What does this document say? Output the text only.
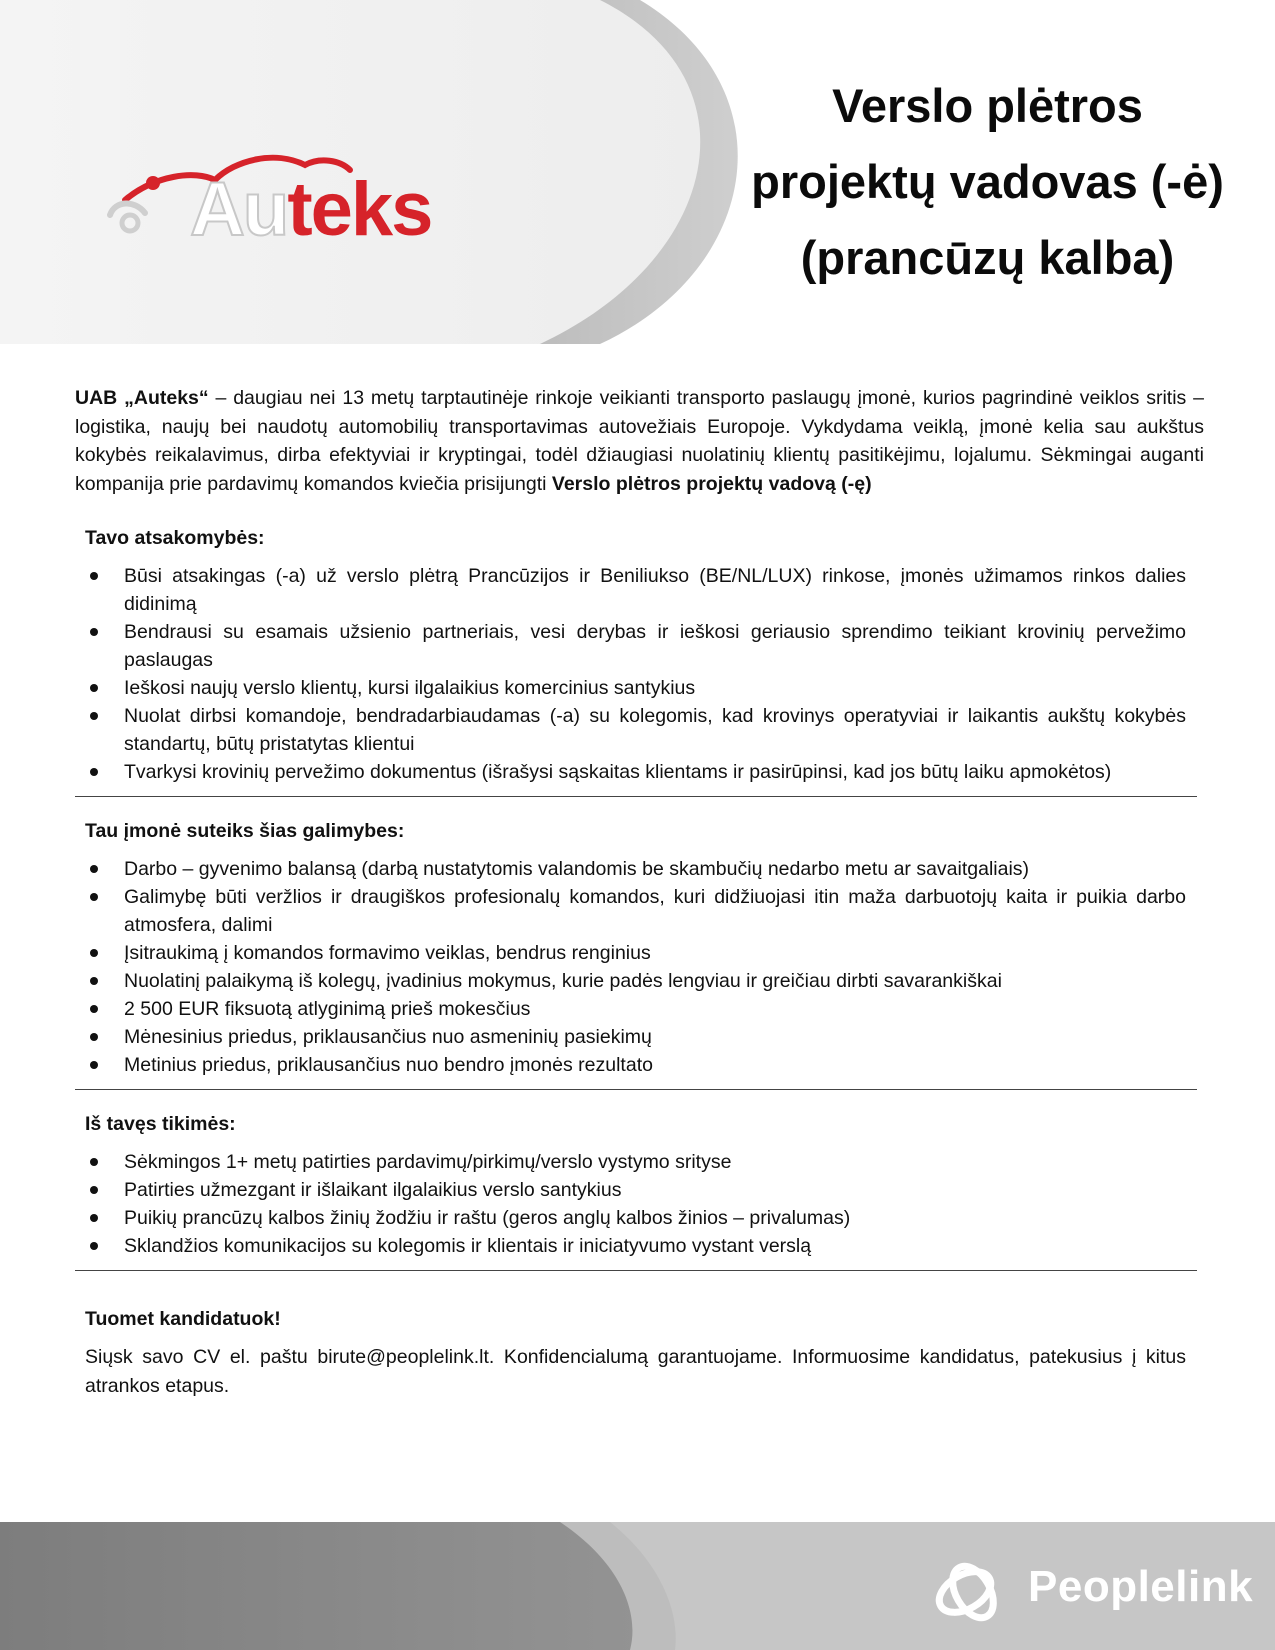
Auteks
Verslo plėtros
projektų vadovas (-ė)
(prancūzų kalba)

UAB „Auteks“ – daugiau nei 13 metų tarptautinėje rinkoje veikianti transporto paslaugų įmonė, kurios pagrindinė veiklos sritis – logistika, naujų bei naudotų automobilių transportavimas autovežiais Europoje. Vykdydama veiklą, įmonė kelia sau aukštus kokybės reikalavimus, dirba efektyviai ir kryptingai, todėl džiaugiasi nuolatinių klientų pasitikėjimu, lojalumu. Sėkmingai auganti kompanija prie pardavimų komandos kviečia prisijungti Verslo plėtros projektų vadovą (-ę)

Tavo atsakomybės:

Būsi atsakingas (-a) už verslo plėtrą Prancūzijos ir Beniliukso (BE/NL/LUX) rinkose, įmonės užimamos rinkos dalies didinimą
Bendrausi su esamais užsienio partneriais, vesi derybas ir ieškosi geriausio sprendimo teikiant krovinių pervežimo paslaugas
Ieškosi naujų verslo klientų, kursi ilgalaikius komercinius santykius
Nuolat dirbsi komandoje, bendradarbiaudamas (-a) su kolegomis, kad krovinys operatyviai ir laikantis aukštų kokybės standartų, būtų pristatytas klientui
Tvarkysi krovinių pervežimo dokumentus (išrašysi sąskaitas klientams ir pasirūpinsi, kad jos būtų laiku apmokėtos)

Tau įmonė suteiks šias galimybes:

Darbo – gyvenimo balansą (darbą nustatytomis valandomis be skambučių nedarbo metu ar savaitgaliais)
Galimybę būti veržlios ir draugiškos profesionalų komandos, kuri didžiuojasi itin maža darbuotojų kaita ir puikia darbo atmosfera, dalimi
Įsitraukimą į komandos formavimo veiklas, bendrus renginius
Nuolatinį palaikymą iš kolegų, įvadinius mokymus, kurie padės lengviau ir greičiau dirbti savarankiškai
2 500 EUR fiksuotą atlyginimą prieš mokesčius
Mėnesinius priedus, priklausančius nuo asmeninių pasiekimų
Metinius priedus, priklausančius nuo bendro įmonės rezultato

Iš tavęs tikimės:

Sėkmingos 1+ metų patirties pardavimų/pirkimų/verslo vystymo srityse
Patirties užmezgant ir išlaikant ilgalaikius verslo santykius
Puikių prancūzų kalbos žinių žodžiu ir raštu (geros anglų kalbos žinios – privalumas)
Sklandžios komunikacijos su kolegomis ir klientais ir iniciatyvumo vystant verslą

Tuomet kandidatuok!

Siųsk savo CV el. paštu birute@peoplelink.lt. Konfidencialumą garantuojame. Informuosime kandidatus, patekusius į kitus atrankos etapus.

Peoplelink
